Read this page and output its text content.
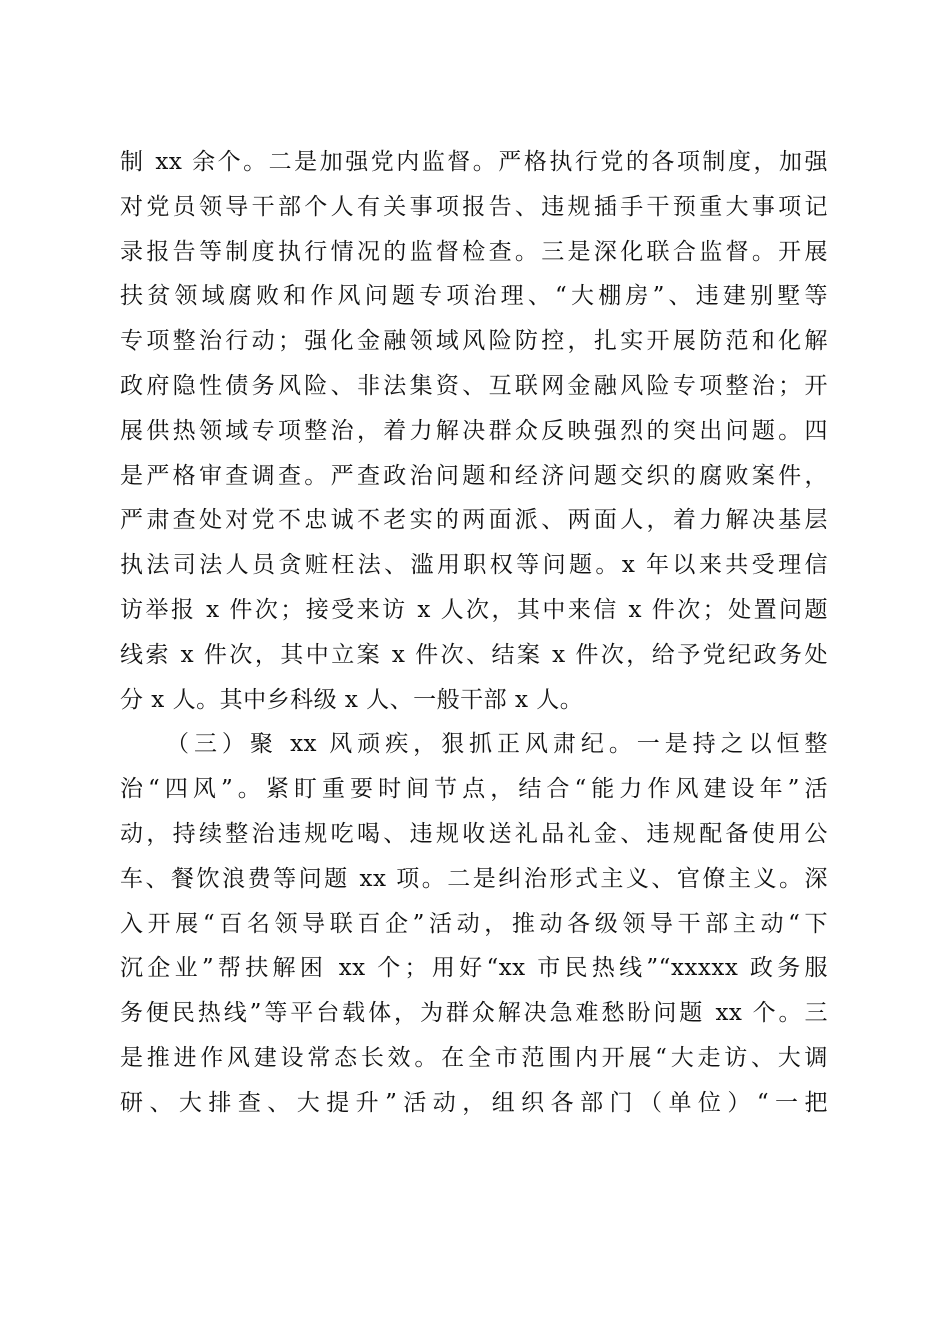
制 xx 余个。二是加强党内监督。严格执行党的各项制度，加强
对党员领导干部个人有关事项报告、违规插手干预重大事项记
录报告等制度执行情况的监督检查。三是深化联合监督。开展
扶贫领域腐败和作风问题专项治理、“大棚房”、违建别墅等
专项整治行动；强化金融领域风险防控，扎实开展防范和化解
政府隐性债务风险、非法集资、互联网金融风险专项整治；开
展供热领域专项整治，着力解决群众反映强烈的突出问题。四
是严格审查调查。严查政治问题和经济问题交织的腐败案件，
严肃查处对党不忠诚不老实的两面派、两面人，着力解决基层
执法司法人员贪赃枉法、滥用职权等问题。x 年以来共受理信
访举报 x 件次；接受来访 x 人次，其中来信 x 件次；处置问题
线索 x 件次，其中立案 x 件次、结案 x 件次，给予党纪政务处
分 x 人。其中乡科级 x 人、一般干部 x 人。
（三）聚 xx 风顽疾，狠抓正风肃纪。一是持之以恒整
治“四风”。紧盯重要时间节点，结合“能力作风建设年”活
动，持续整治违规吃喝、违规收送礼品礼金、违规配备使用公
车、餐饮浪费等问题 xx 项。二是纠治形式主义、官僚主义。深
入开展“百名领导联百企”活动，推动各级领导干部主动“下
沉企业”帮扶解困 xx 个；用好“xx 市民热线”“xxxxx 政务服
务便民热线”等平台载体，为群众解决急难愁盼问题 xx 个。三
是推进作风建设常态长效。在全市范围内开展“大走访、大调
研、大排查、大提升”活动，组织各部门（单位）“一把
